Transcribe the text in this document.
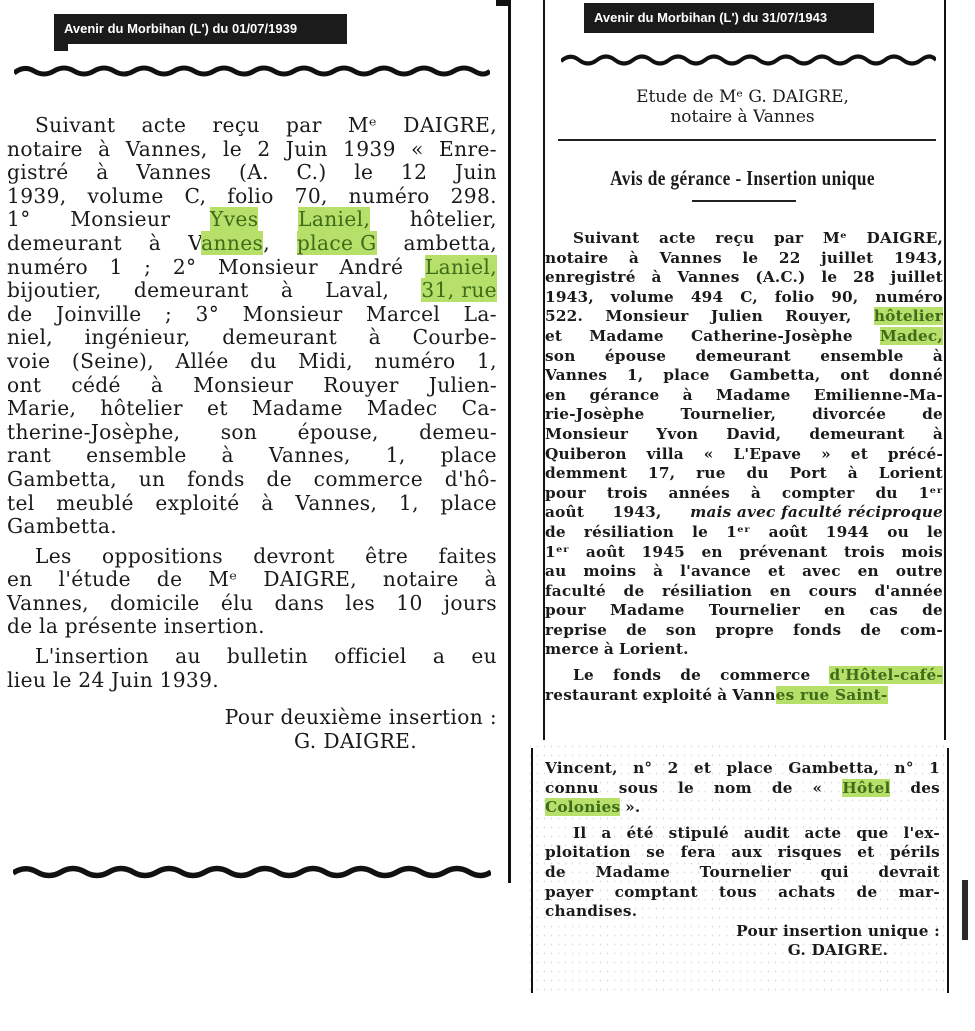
Avenir du Morbihan (L') du 01/07/1939
Avenir du Morbihan (L') du 31/07/1943
Suivant acte reçu par Mᵉ DAIGRE,
notaire à Vannes, le 2 Juin 1939 « Enre-
gistré à Vannes (A. C.) le 12 Juin
1939, volume C, folio 70, numéro 298.
1° Monsieur Yves Laniel, hôtelier,
demeurant à Vannes, place G ambetta,
numéro 1 ; 2° Monsieur André Laniel,
bijoutier, demeurant à Laval, 31, rue
de Joinville ; 3° Monsieur Marcel La-
niel, ingénieur, demeurant à Courbe-
voie (Seine), Allée du Midi, numéro 1,
ont cédé à Monsieur Rouyer Julien-
Marie, hôtelier et Madame Madec Ca-
therine-Josèphe, son épouse, demeu-
rant ensemble à Vannes, 1, place
Gambetta, un fonds de commerce d'hô-
tel meublé exploité à Vannes, 1, place
Gambetta.
Les oppositions devront être faites
en l'étude de Mᵉ DAIGRE, notaire à
Vannes, domicile élu dans les 10 jours
de la présente insertion.
L'insertion au bulletin officiel a eu
lieu le 24 Juin 1939.
Pour deuxième insertion :
G. DAIGRE.
Etude de Mᵉ G. DAIGRE,
notaire à Vannes
Avis de gérance - Insertion unique
Suivant acte reçu par Mᵉ DAIGRE,
notaire à Vannes le 22 juillet 1943,
enregistré à Vannes (A.C.) le 28 juillet
1943, volume 494 C, folio 90, numéro
522. Monsieur Julien Rouyer, hôtelier
et Madame Catherine-Josèphe Madec,
son épouse demeurant ensemble à
Vannes 1, place Gambetta, ont donné
en gérance à Madame Emilienne-Ma-
rie-Josèphe Tournelier, divorcée de
Monsieur Yvon David, demeurant à
Quiberon villa « L'Epave » et précé-
demment 17, rue du Port à Lorient
pour trois années à compter du 1ᵉʳ
août 1943, mais avec faculté réciproque
de résiliation le 1ᵉʳ août 1944 ou le
1ᵉʳ août 1945 en prévenant trois mois
au moins à l'avance et avec en outre
faculté de résiliation en cours d'année
pour Madame Tournelier en cas de
reprise de son propre fonds de com-
merce à Lorient.
Le fonds de commerce d'Hôtel-café-
restaurant exploité à Vannes rue Saint-
Vincent, n° 2 et place Gambetta, n° 1
connu sous le nom de « Hôtel des
Colonies ».
Il a été stipulé audit acte que l'ex-
ploitation se fera aux risques et périls
de Madame Tournelier qui devrait
payer comptant tous achats de mar-
chandises.
Pour insertion unique :
G. DAIGRE.
